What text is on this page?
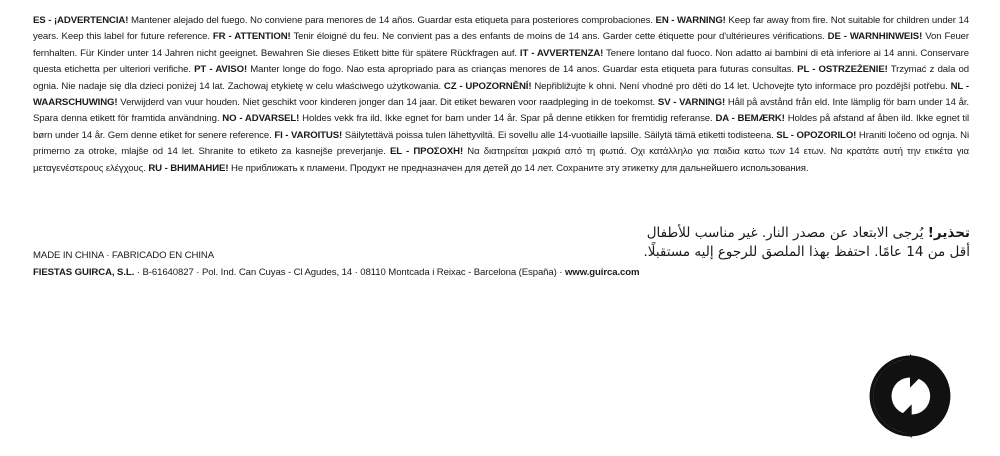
ES - ¡ADVERTENCIA! Mantener alejado del fuego. No conviene para menores de 14 años. Guardar esta etiqueta para posteriores comprobaciones. EN - WARNING! Keep far away from fire. Not suitable for children under 14 years. Keep this label for future reference. FR - ATTENTION! Tenir éloigné du feu. Ne convient pas a des enfants de moins de 14 ans. Garder cette étiquette pour d'ultérieures vérifications. DE - WARNHINWEIS! Von Feuer fernhalten. Für Kinder unter 14 Jahren nicht geeignet. Bewahren Sie dieses Etikett bitte für spätere Rückfragen auf. IT - AVVERTENZA! Tenere lontano dal fuoco. Non adatto ai bambini di età inferiore ai 14 anni. Conservare questa etichetta per ulteriori verifiche. PT - AVISO! Manter longe do fogo. Nao esta apropriado para as crianças menores de 14 anos. Guardar esta etiqueta para futuras consultas. PL - OSTRZEŻENIE! Trzymać z dala od ognia. Nie nadaje się dla dzieci poniżej 14 lat. Zachowaj etykietę w celu właściwego użytkowania. CZ - UPOZORNĚNÍ! Nepřibližujte k ohni. Není vhodné pro děti do 14 let. Uchovejte tyto informace pro pozdější potřebu. NL - WAARSCHUWING! Verwijderd van vuur houden. Niet geschikt voor kinderen jonger dan 14 jaar. Dit etiket bewaren voor raadpleging in de toekomst. SV - VARNING! Håll på avstånd från eld. Inte lämplig för barn under 14 år. Spara denna etikett för framtida användning. NO - ADVARSEL! Holdes vekk fra ild. Ikke egnet for barn under 14 år. Spar på denne etikken for fremtidig referanse. DA - BEMÆRK! Holdes på afstand af åben ild. Ikke egnet til børn under 14 år. Gem denne etiket for senere reference. FI - VAROITUS! Säilytettävä poissa tulen lähettyviltä. Ei sovellu alle 14-vuotiaille lapsille. Säilytä tämä etiketti todisteena. SL - OPOZORILO! Hraniti ločeno od ognja. Ni primerno za otroke, mlajše od 14 let. Shranite to etiketo za kasnejše preverjanje. EL - ΠΡΟΣΟΧΗ! Να διατηρείται μακριά από τη φωτιά. Οχι κατάλληλο για παιδια κατω των 14 ετων. Να κρατάτε αυτή την ετικέτα για μεταγενέστερους ελέγχους. RU - ВНИМАНИЕ! Не приближать к пламени. Продукт не предназначен для детей до 14 лет. Сохраните эту этикетку для дальнейшего использования.

تحذير! يُرجى الابتعاد عن مصدر النار. غير مناسب للأطفال أقل من 14 عامًا. احتفظ بهذا الملصق للرجوع إليه مستقبلًا.
MADE IN CHINA · FABRICADO EN CHINA
FIESTAS GUIRCA, S.L. · B-61640827 · Pol. Ind. Can Cuyas - Cl Agudes, 14 · 08110 Montcada i Reixac - Barcelona (España) · www.guirca.com
